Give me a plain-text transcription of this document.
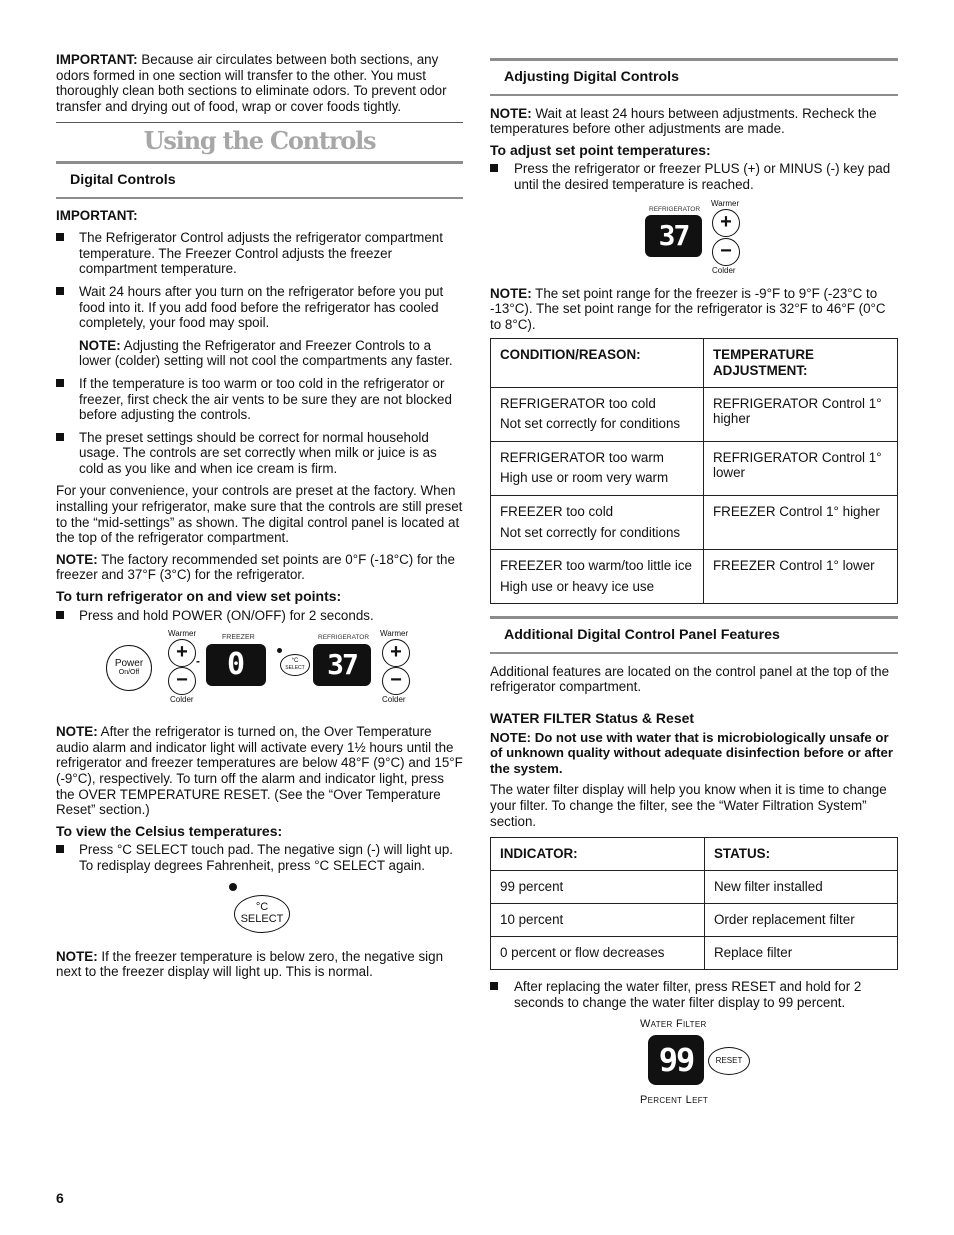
IMPORTANT: Because air circulates between both sections, any odors formed in one section will transfer to the other. You must thoroughly clean both sections to eliminate odors. To prevent odor transfer and drying out of food, wrap or cover foods tightly.

Using the Controls
Digital Controls

IMPORTANT:

The Refrigerator Control adjusts the refrigerator compartment temperature. The Freezer Control adjusts the freezer compartment temperature.
Wait 24 hours after you turn on the refrigerator before you put food into it. If you add food before the refrigerator has cooled completely, your food may spoil.

NOTE: Adjusting the Refrigerator and Freezer Controls to a lower (colder) setting will not cool the compartments any faster.

If the temperature is too warm or too cold in the refrigerator or freezer, first check the air vents to be sure they are not blocked before adjusting the controls.
The preset settings should be correct for normal household usage. The controls are set correctly when milk or juice is as cold as you like and when ice cream is firm.

For your convenience, your controls are preset at the factory. When installing your refrigerator, make sure that the controls are still preset to the “mid-settings” as shown. The digital control panel is located at the top of the refrigerator compartment.

NOTE: The factory recommended set points are 0°F (-18°C) for the freezer and 37°F (3°C) for the refrigerator.

To turn refrigerator on and view set points:
Press and hold POWER (ON/OFF) for 2 seconds.
Power
On/Off
Warmer
+
−
Colder
-
FREEZER
0	°C
SELECT
REFRIGERATOR
37
Warmer
+
−
Colder

NOTE: After the refrigerator is turned on, the Over Temperature audio alarm and indicator light will activate every 1½ hours until the refrigerator and freezer temperatures are below 48°F (9°C) and 15°F (-9°C), respectively. To turn off the alarm and indicator light, press the OVER TEMPERATURE RESET. (See the “Over Temperature Reset” section.)

To view the Celsius temperatures:
Press °C SELECT touch pad. The negative sign (-) will light up. To redisplay degrees Fahrenheit, press °C SELECT again.
°C
SELECT

NOTE: If the freezer temperature is below zero, the negative sign next to the freezer display will light up. This is normal.

Adjusting Digital Controls

NOTE: Wait at least 24 hours between adjustments. Recheck the temperatures before other adjustments are made.

To adjust set point temperatures:
Press the refrigerator or freezer PLUS (+) or MINUS (-) key pad until the desired temperature is reached.
REFRIGERATOR
37
Warmer
+
−
Colder

NOTE: The set point range for the freezer is -9°F to 9°F (-23°C to -13°C). The set point range for the refrigerator is 32°F to 46°F (0°C to 8°C).

CONDITION/REASON:	TEMPERATURE ADJUSTMENT:

REFRIGERATOR too cold
Not set correctly for conditions	REFRIGERATOR Control 1° higher

REFRIGERATOR too warm
High use or room very warm	REFRIGERATOR Control 1° lower

FREEZER too cold
Not set correctly for conditions	FREEZER Control 1° higher

FREEZER too warm/too little ice
High use or heavy ice use	FREEZER Control 1° lower
Additional Digital Control Panel Features

Additional features are located on the control panel at the top of the refrigerator compartment.

WATER FILTER Status & Reset

NOTE: Do not use with water that is microbiologically unsafe or of unknown quality without adequate disinfection before or after the system.

The water filter display will help you know when it is time to change your filter. To change the filter, see the “Water Filtration System” section.

INDICATOR:	STATUS:
99 percent	New filter installed
10 percent	Order replacement filter
0 percent or flow decreases	Replace filter
After replacing the water filter, press RESET and hold for 2 seconds to change the water filter display to 99 percent.
Water Filter
99	RESET
Percent Left
6
